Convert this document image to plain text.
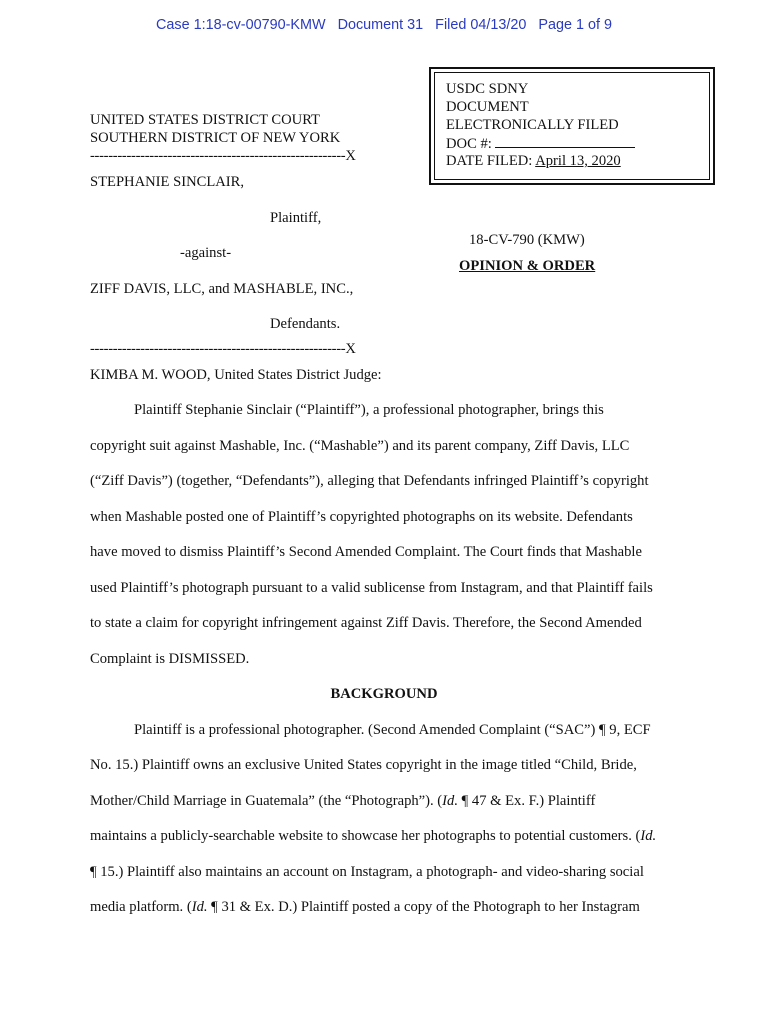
Case 1:18-cv-00790-KMW   Document 31   Filed 04/13/20   Page 1 of 9
USDC SDNY
DOCUMENT
ELECTRONICALLY FILED
DOC #:
DATE FILED: April 13, 2020
UNITED STATES DISTRICT COURT
SOUTHERN DISTRICT OF NEW YORK
--------------------------------------------------------X
STEPHANIE SINCLAIR,
Plaintiff,
18-CV-790 (KMW)
-against-
OPINION & ORDER
ZIFF DAVIS, LLC, and MASHABLE, INC.,
Defendants.
--------------------------------------------------------X
KIMBA M. WOOD, United States District Judge:
Plaintiff Stephanie Sinclair (“Plaintiff”), a professional photographer, brings this
copyright suit against Mashable, Inc. (“Mashable”) and its parent company, Ziff Davis, LLC
(“Ziff Davis”) (together, “Defendants”), alleging that Defendants infringed Plaintiff’s copyright
when Mashable posted one of Plaintiff’s copyrighted photographs on its website. Defendants
have moved to dismiss Plaintiff’s Second Amended Complaint. The Court finds that Mashable
used Plaintiff’s photograph pursuant to a valid sublicense from Instagram, and that Plaintiff fails
to state a claim for copyright infringement against Ziff Davis. Therefore, the Second Amended
Complaint is DISMISSED.
BACKGROUND
Plaintiff is a professional photographer. (Second Amended Complaint (“SAC”) ¶ 9, ECF
No. 15.) Plaintiff owns an exclusive United States copyright in the image titled “Child, Bride,
Mother/Child Marriage in Guatemala” (the “Photograph”). (Id. ¶ 47 & Ex. F.) Plaintiff
maintains a publicly-searchable website to showcase her photographs to potential customers. (Id.
¶ 15.) Plaintiff also maintains an account on Instagram, a photograph- and video-sharing social
media platform. (Id. ¶ 31 & Ex. D.) Plaintiff posted a copy of the Photograph to her Instagram
